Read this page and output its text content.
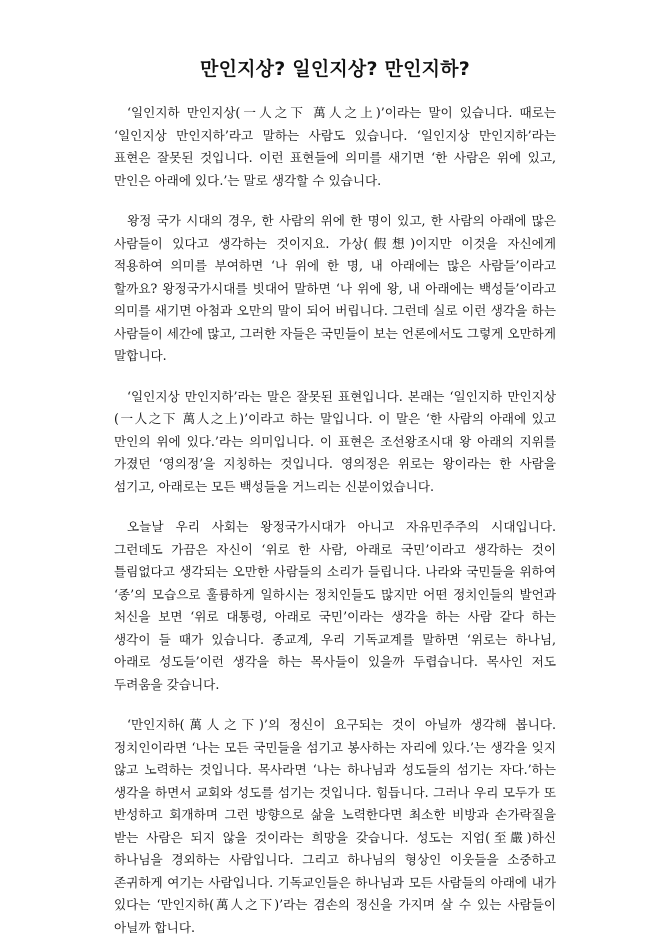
만인지상? 일인지상? 만인지하?

‘일인지하 만인지상(一人之下 萬人之上)’이라는 말이 있습니다. 때로는 ‘일인지상 만인지하’라고 말하는 사람도 있습니다. ‘일인지상 만인지하’라는 표현은 잘못된 것입니다. 이런 표현들에 의미를 새기면 ‘한 사람은 위에 있고, 만인은 아래에 있다.’는 말로 생각할 수 있습니다.

왕정 국가 시대의 경우, 한 사람의 위에 한 명이 있고, 한 사람의 아래에 많은 사람들이 있다고 생각하는 것이지요. 가상(假想)이지만 이것을 자신에게 적용하여 의미를 부여하면 ‘나 위에 한 명, 내 아래에는 많은 사람들’이라고 할까요? 왕정국가시대를 빗대어 말하면 ‘나 위에 왕, 내 아래에는 백성들’이라고 의미를 새기면 아첨과 오만의 말이 되어 버립니다. 그런데 실로 이런 생각을 하는 사람들이 세간에 많고, 그러한 자들은 국민들이 보는 언론에서도 그렇게 오만하게 말합니다.

‘일인지상 만인지하’라는 말은 잘못된 표현입니다. 본래는 ‘일인지하 만인지상(一人之下 萬人之上)’이라고 하는 말입니다. 이 말은 ‘한 사람의 아래에 있고 만인의 위에 있다.’라는 의미입니다. 이 표현은 조선왕조시대 왕 아래의 지위를 가졌던 ‘영의정’을 지칭하는 것입니다. 영의정은 위로는 왕이라는 한 사람을 섬기고, 아래로는 모든 백성들을 거느리는 신분이었습니다.

오늘날 우리 사회는 왕정국가시대가 아니고 자유민주주의 시대입니다. 그런데도 가끔은 자신이 ‘위로 한 사람, 아래로 국민’이라고 생각하는 것이 틀림없다고 생각되는 오만한 사람들의 소리가 들립니다. 나라와 국민들을 위하여 ‘종’의 모습으로 훌륭하게 일하시는 정치인들도 많지만 어떤 정치인들의 발언과 처신을 보면 ‘위로 대통령, 아래로 국민’이라는 생각을 하는 사람 같다 하는 생각이 들 때가 있습니다. 종교계, 우리 기독교계를 말하면 ‘위로는 하나님, 아래로 성도들’이런 생각을 하는 목사들이 있을까 두렵습니다. 목사인 저도 두려움을 갖습니다.

‘만인지하(萬人之下)’의 정신이 요구되는 것이 아닐까 생각해 봅니다. 정치인이라면 ‘나는 모든 국민들을 섬기고 봉사하는 자리에 있다.’는 생각을 잊지 않고 노력하는 것입니다. 목사라면 ‘나는 하나님과 성도들의 섬기는 자다.’하는 생각을 하면서 교회와 성도를 섬기는 것입니다. 힘듭니다. 그러나 우리 모두가 또 반성하고 회개하며 그런 방향으로 삶을 노력한다면 최소한 비방과 손가락질을 받는 사람은 되지 않을 것이라는 희망을 갖습니다. 성도는 지엄(至嚴)하신 하나님을 경외하는 사람입니다. 그리고 하나님의 형상인 이웃들을 소중하고 존귀하게 여기는 사람입니다. 기독교인들은 하나님과 모든 사람들의 아래에 내가 있다는 ‘만인지하(萬人之下)’라는 겸손의 정신을 가지며 살 수 있는 사람들이 아닐까 합니다.
